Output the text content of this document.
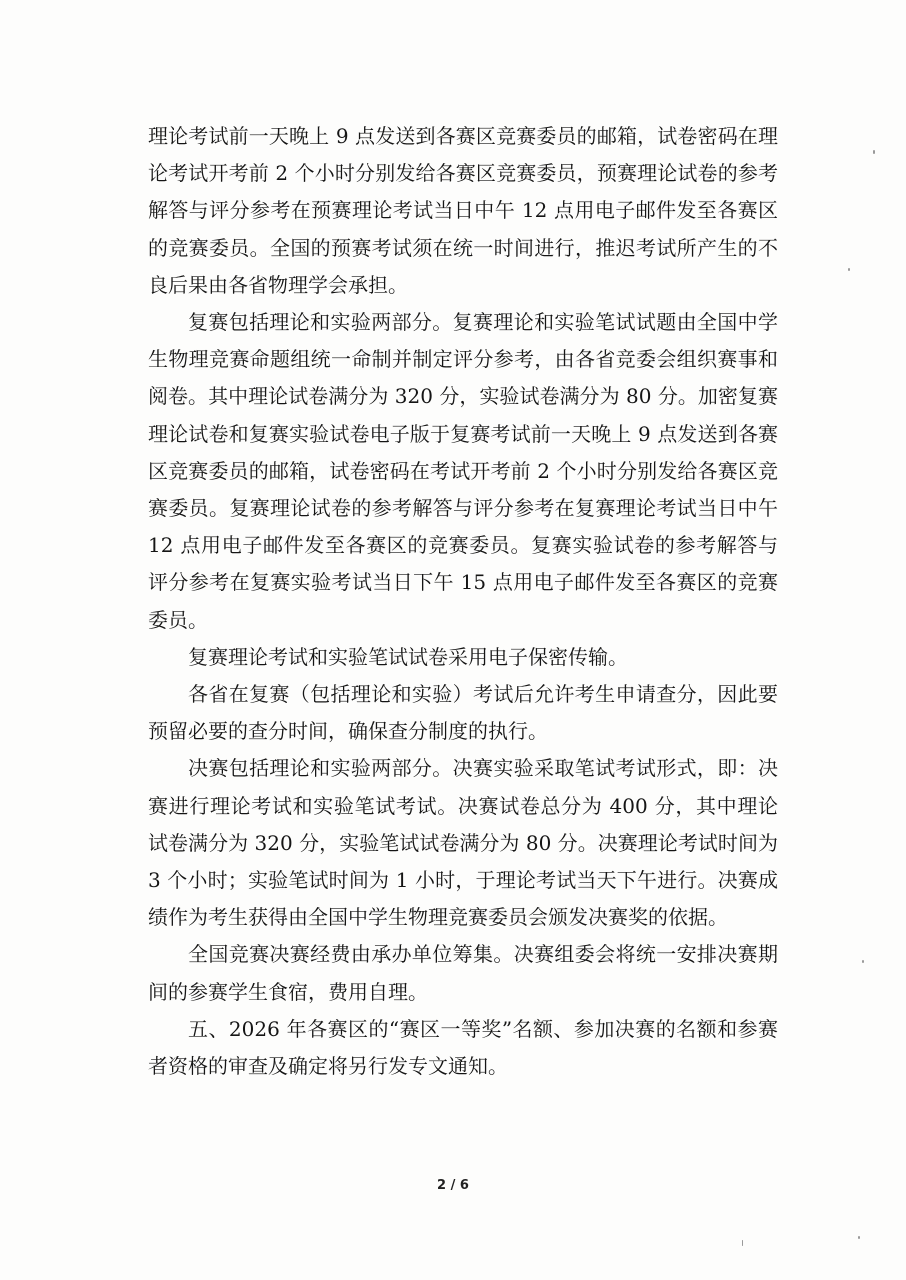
理论考试前一天晚上 9 点发送到各赛区竞赛委员的邮箱，试卷密码在理论考试开考前 2 个小时分别发给各赛区竞赛委员，预赛理论试卷的参考解答与评分参考在预赛理论考试当日中午 12 点用电子邮件发至各赛区的竞赛委员。全国的预赛考试须在统一时间进行，推迟考试所产生的不良后果由各省物理学会承担。

复赛包括理论和实验两部分。复赛理论和实验笔试试题由全国中学生物理竞赛命题组统一命制并制定评分参考，由各省竞委会组织赛事和阅卷。其中理论试卷满分为 320 分，实验试卷满分为 80 分。加密复赛理论试卷和复赛实验试卷电子版于复赛考试前一天晚上 9 点发送到各赛区竞赛委员的邮箱，试卷密码在考试开考前 2 个小时分别发给各赛区竞赛委员。复赛理论试卷的参考解答与评分参考在复赛理论考试当日中午 12 点用电子邮件发至各赛区的竞赛委员。复赛实验试卷的参考解答与评分参考在复赛实验考试当日下午 15 点用电子邮件发至各赛区的竞赛委员。

复赛理论考试和实验笔试试卷采用电子保密传输。

各省在复赛（包括理论和实验）考试后允许考生申请查分，因此要预留必要的查分时间，确保查分制度的执行。

决赛包括理论和实验两部分。决赛实验采取笔试考试形式，即：决赛进行理论考试和实验笔试考试。决赛试卷总分为 400 分，其中理论试卷满分为 320 分，实验笔试试卷满分为 80 分。决赛理论考试时间为 3 个小时；实验笔试时间为 1 小时，于理论考试当天下午进行。决赛成绩作为考生获得由全国中学生物理竞赛委员会颁发决赛奖的依据。

全国竞赛决赛经费由承办单位筹集。决赛组委会将统一安排决赛期间的参赛学生食宿，费用自理。

五、2026 年各赛区的“赛区一等奖”名额、参加决赛的名额和参赛者资格的审查及确定将另行发专文通知。

2 / 6
